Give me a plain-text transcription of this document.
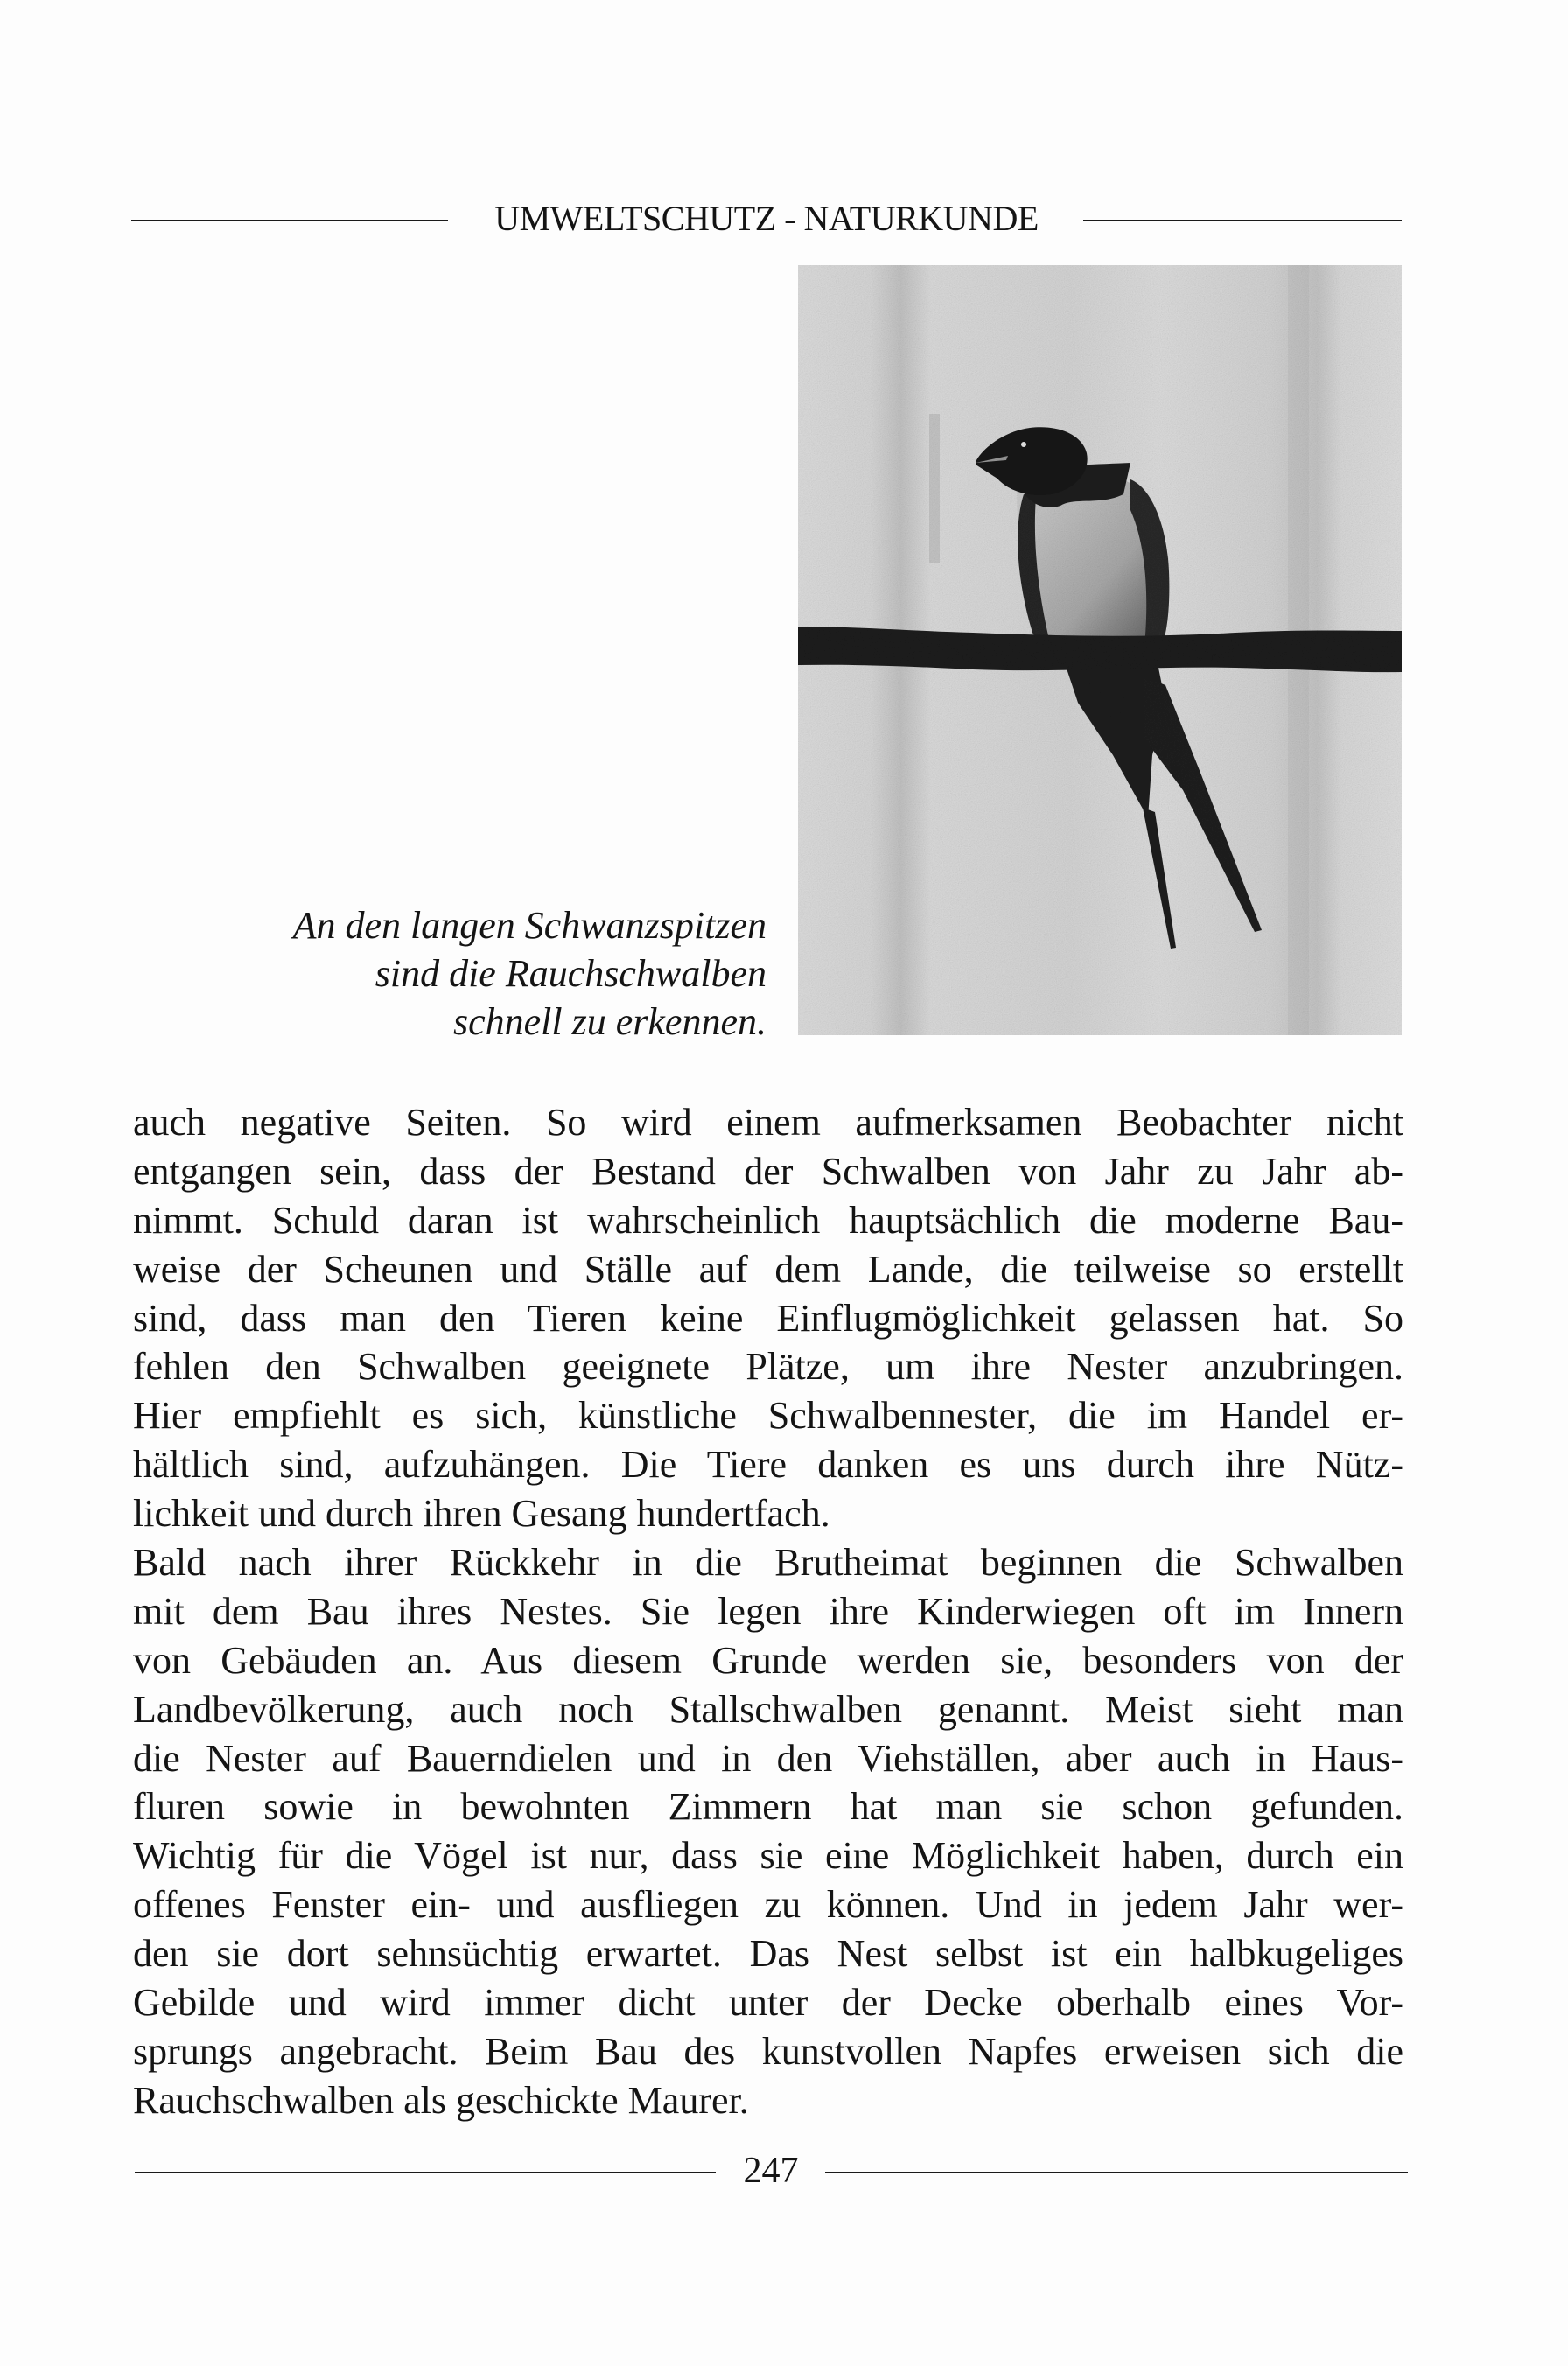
UMWELTSCHUTZ - NATURKUNDE
An den langen Schwanzspitzen
sind die Rauchschwalben
schnell zu erkennen.
auch negative Seiten. So wird einem aufmerksamen Beobachter nicht
entgangen sein, dass der Bestand der Schwalben von Jahr zu Jahr ab-
nimmt. Schuld daran ist wahrscheinlich hauptsächlich die moderne Bau-
weise der Scheunen und Ställe auf dem Lande, die teilweise so erstellt
sind, dass man den Tieren keine Einflugmöglichkeit gelassen hat. So
fehlen den Schwalben geeignete Plätze, um ihre Nester anzubringen.
Hier empfiehlt es sich, künstliche Schwalbennester, die im Handel er-
hältlich sind, aufzuhängen. Die Tiere danken es uns durch ihre Nütz-
lichkeit und durch ihren Gesang hundertfach.
Bald nach ihrer Rückkehr in die Brutheimat beginnen die Schwalben
mit dem Bau ihres Nestes. Sie legen ihre Kinderwiegen oft im Innern
von Gebäuden an. Aus diesem Grunde werden sie, besonders von der
Landbevölkerung, auch noch Stallschwalben genannt. Meist sieht man
die Nester auf Bauerndielen und in den Viehställen, aber auch in Haus-
fluren sowie in bewohnten Zimmern hat man sie schon gefunden.
Wichtig für die Vögel ist nur, dass sie eine Möglichkeit haben, durch ein
offenes Fenster ein- und ausfliegen zu können. Und in jedem Jahr wer-
den sie dort sehnsüchtig erwartet. Das Nest selbst ist ein halbkugeliges
Gebilde und wird immer dicht unter der Decke oberhalb eines Vor-
sprungs angebracht. Beim Bau des kunstvollen Napfes erweisen sich die
Rauchschwalben als geschickte Maurer.
247
